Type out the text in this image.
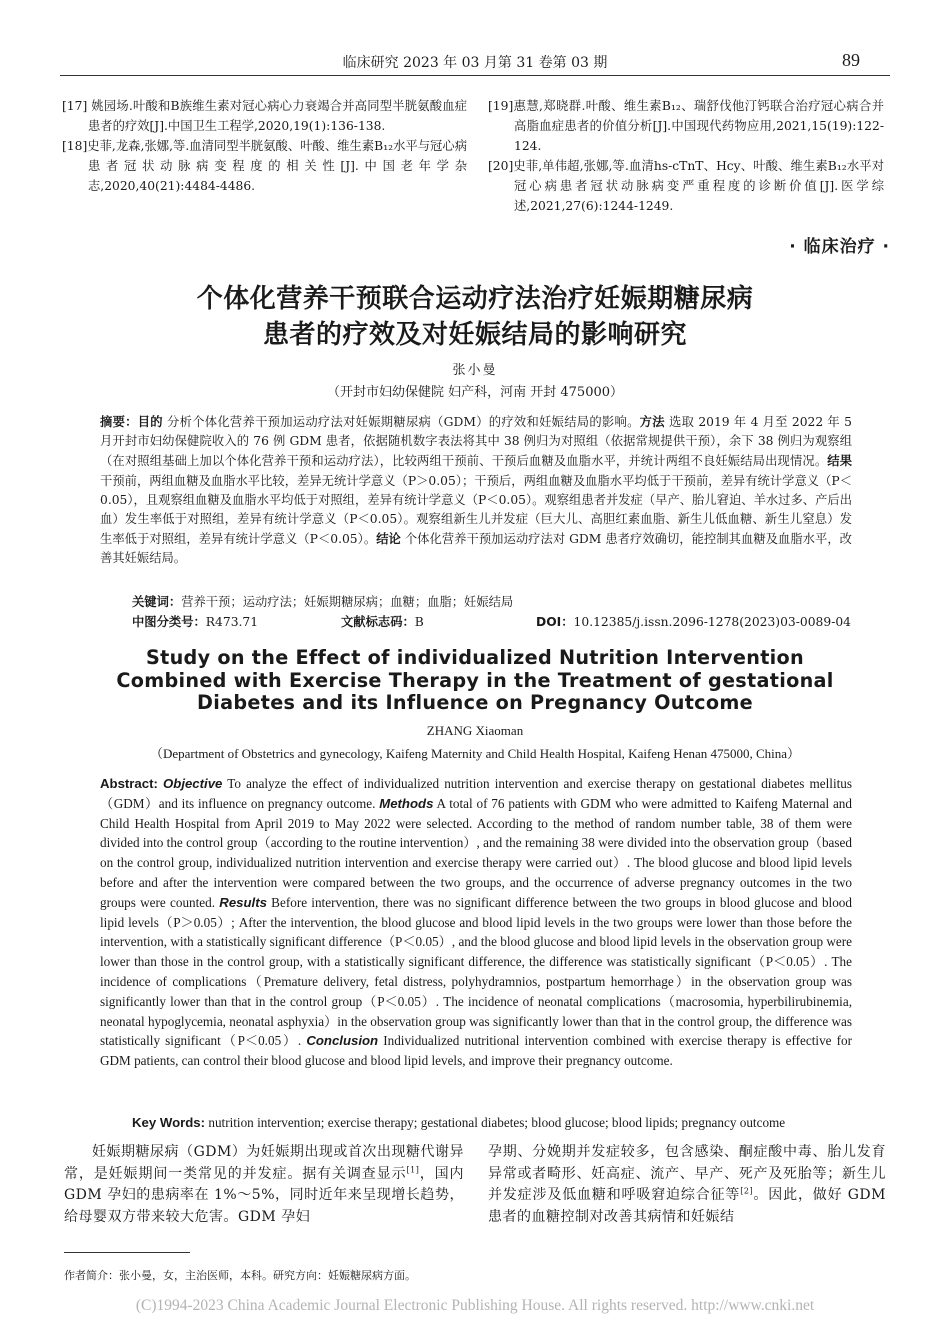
临床研究 2023 年 03 月第 31 卷第 03 期	89
[17] 姚园场.叶酸和B族维生素对冠心病心力衰竭合并高同型半胱氨酸血症患者的疗效[J].中国卫生工程学,2020,19(1):136-138.
[18]史菲,龙森,张娜,等.血清同型半胱氨酸、叶酸、维生素B₁₂水平与冠心病患者冠状动脉病变程度的相关性[J].中国老年学杂志,2020,40(21):4484-4486.
[19]惠慧,郑晓群.叶酸、维生素B₁₂、瑞舒伐他汀钙联合治疗冠心病合并高脂血症患者的价值分析[J].中国现代药物应用,2021,15(19):122-124.
[20]史菲,单伟超,张娜,等.血清hs-cTnT、Hcy、叶酸、维生素B₁₂水平对冠心病患者冠状动脉病变严重程度的诊断价值[J].医学综述,2021,27(6):1244-1249.
· 临床治疗 ·
个体化营养干预联合运动疗法治疗妊娠期糖尿病
患者的疗效及对妊娠结局的影响研究
张小曼
（开封市妇幼保健院 妇产科，河南 开封 475000）
摘要：目的 分析个体化营养干预加运动疗法对妊娠期糖尿病（GDM）的疗效和妊娠结局的影响。方法 选取 2019 年 4 月至 2022 年 5 月开封市妇幼保健院收入的 76 例 GDM 患者，依据随机数字表法将其中 38 例归为对照组（依据常规提供干预），余下 38 例归为观察组（在对照组基础上加以个体化营养干预和运动疗法），比较两组干预前、干预后血糖及血脂水平，并统计两组不良妊娠结局出现情况。结果 干预前，两组血糖及血脂水平比较，差异无统计学意义（P＞0.05）；干预后，两组血糖及血脂水平均低于干预前，差异有统计学意义（P＜0.05），且观察组血糖及血脂水平均低于对照组，差异有统计学意义（P＜0.05）。观察组患者并发症（早产、胎儿窘迫、羊水过多、产后出血）发生率低于对照组，差异有统计学意义（P＜0.05）。观察组新生儿并发症（巨大儿、高胆红素血脂、新生儿低血糖、新生儿窒息）发生率低于对照组，差异有统计学意义（P＜0.05）。结论 个体化营养干预加运动疗法对 GDM 患者疗效确切，能控制其血糖及血脂水平，改善其妊娠结局。
关键词：营养干预；运动疗法；妊娠期糖尿病；血糖；血脂；妊娠结局
中图分类号：R473.71	文献标志码：B	DOI：10.12385/j.issn.2096-1278(2023)03-0089-04
Study on the Effect of individualized Nutrition Intervention
Combined with Exercise Therapy in the Treatment of gestational
Diabetes and its Influence on Pregnancy Outcome
ZHANG Xiaoman
（Department of Obstetrics and gynecology, Kaifeng Maternity and Child Health Hospital, Kaifeng Henan 475000, China）
Abstract: Objective To analyze the effect of individualized nutrition intervention and exercise therapy on gestational diabetes mellitus（GDM）and its influence on pregnancy outcome. Methods A total of 76 patients with GDM who were admitted to Kaifeng Maternal and Child Health Hospital from April 2019 to May 2022 were selected. According to the method of random number table, 38 of them were divided into the control group（according to the routine intervention）, and the remaining 38 were divided into the observation group（based on the control group, individualized nutrition intervention and exercise therapy were carried out）. The blood glucose and blood lipid levels before and after the intervention were compared between the two groups, and the occurrence of adverse pregnancy outcomes in the two groups were counted. Results Before intervention, there was no significant difference between the two groups in blood glucose and blood lipid levels（P＞0.05）; After the intervention, the blood glucose and blood lipid levels in the two groups were lower than those before the intervention, with a statistically significant difference（P＜0.05）, and the blood glucose and blood lipid levels in the observation group were lower than those in the control group, with a statistically significant difference, the difference was statistically significant（P＜0.05）. The incidence of complications（Premature delivery, fetal distress, polyhydramnios, postpartum hemorrhage）in the observation group was significantly lower than that in the control group（P＜0.05）. The incidence of neonatal complications（macrosomia, hyperbilirubinemia, neonatal hypoglycemia, neonatal asphyxia）in the observation group was significantly lower than that in the control group, the difference was statistically significant（P＜0.05）. Conclusion Individualized nutritional intervention combined with exercise therapy is effective for GDM patients, can control their blood glucose and blood lipid levels, and improve their pregnancy outcome.
Key Words: nutrition intervention; exercise therapy; gestational diabetes; blood glucose; blood lipids; pregnancy outcome
妊娠期糖尿病（GDM）为妊娠期出现或首次出现糖代谢异常，是妊娠期间一类常见的并发症。据有关调查显示[1]，国内 GDM 孕妇的患病率在 1%～5%，同时近年来呈现增长趋势，给母婴双方带来较大危害。GDM 孕妇
孕期、分娩期并发症较多，包含感染、酮症酸中毒、胎儿发育异常或者畸形、妊高症、流产、早产、死产及死胎等；新生儿并发症涉及低血糖和呼吸窘迫综合征等[2]。因此，做好 GDM 患者的血糖控制对改善其病情和妊娠结
作者简介：张小曼，女，主治医师，本科。研究方向：妊娠糖尿病方面。
(C)1994-2023 China Academic Journal Electronic Publishing House. All rights reserved. http://www.cnki.net
